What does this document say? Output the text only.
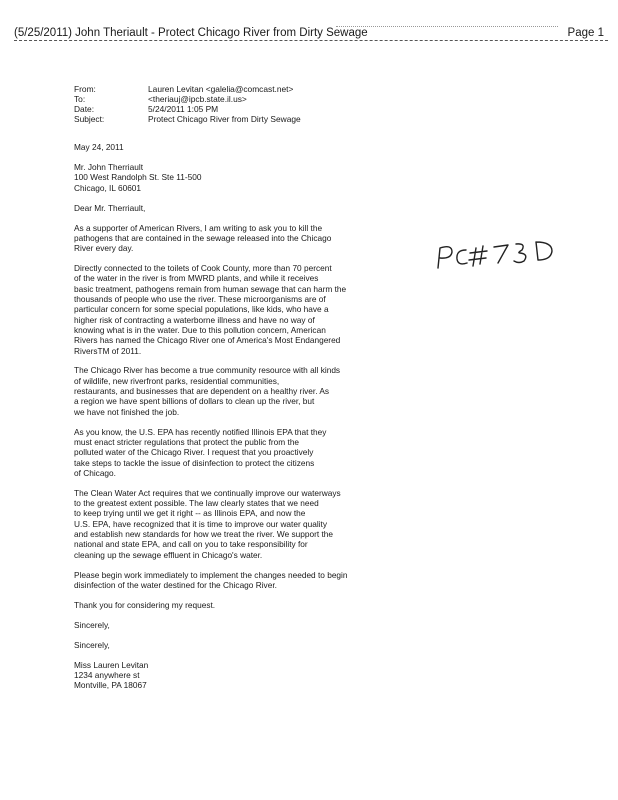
(5/25/2011) John Theriault - Protect Chicago River from Dirty Sewage	Page 1
From:	Lauren Levitan <galelia@comcast.net>
To:	<theriauj@ipcb.state.il.us>
Date:	5/24/2011 1:05 PM
Subject:	Protect Chicago River from Dirty Sewage

May 24, 2011

Mr. John Therriault
100 West Randolph St. Ste 11-500
Chicago, IL 60601

Dear Mr. Therriault,

As a supporter of American Rivers, I am writing to ask you to kill the
pathogens that are contained in the sewage released into the Chicago
River every day.

Directly connected to the toilets of Cook County, more than 70 percent
of the water in the river is from MWRD plants, and while it receives
basic treatment, pathogens remain from human sewage that can harm the
thousands of people who use the river. These microorganisms are of
particular concern for some special populations, like kids, who have a
higher risk of contracting a waterborne illness and have no way of
knowing what is in the water. Due to this pollution concern, American
Rivers has named the Chicago River one of America's Most Endangered
RiversTM of 2011.

The Chicago River has become a true community resource with all kinds
of wildlife, new riverfront parks, residential communities,
restaurants, and businesses that are dependent on a healthy river. As
a region we have spent billions of dollars to clean up the river, but
we have not finished the job.

As you know, the U.S. EPA has recently notified Illinois EPA that they
must enact stricter regulations that protect the public from the
polluted water of the Chicago River. I request that you proactively
take steps to tackle the issue of disinfection to protect the citizens
of Chicago.

The Clean Water Act requires that we continually improve our waterways
to the greatest extent possible. The law clearly states that we need
to keep trying until we get it right -- as Illinois EPA, and now the
U.S. EPA, have recognized that it is time to improve our water quality
and establish new standards for how we treat the river. We support the
national and state EPA, and call on you to take responsibility for
cleaning up the sewage effluent in Chicago's water.

Please begin work immediately to implement the changes needed to begin
disinfection of the water destined for the Chicago River.

Thank you for considering my request.

Sincerely,

Sincerely,

Miss Lauren Levitan
1234 anywhere st
Montville, PA 18067
